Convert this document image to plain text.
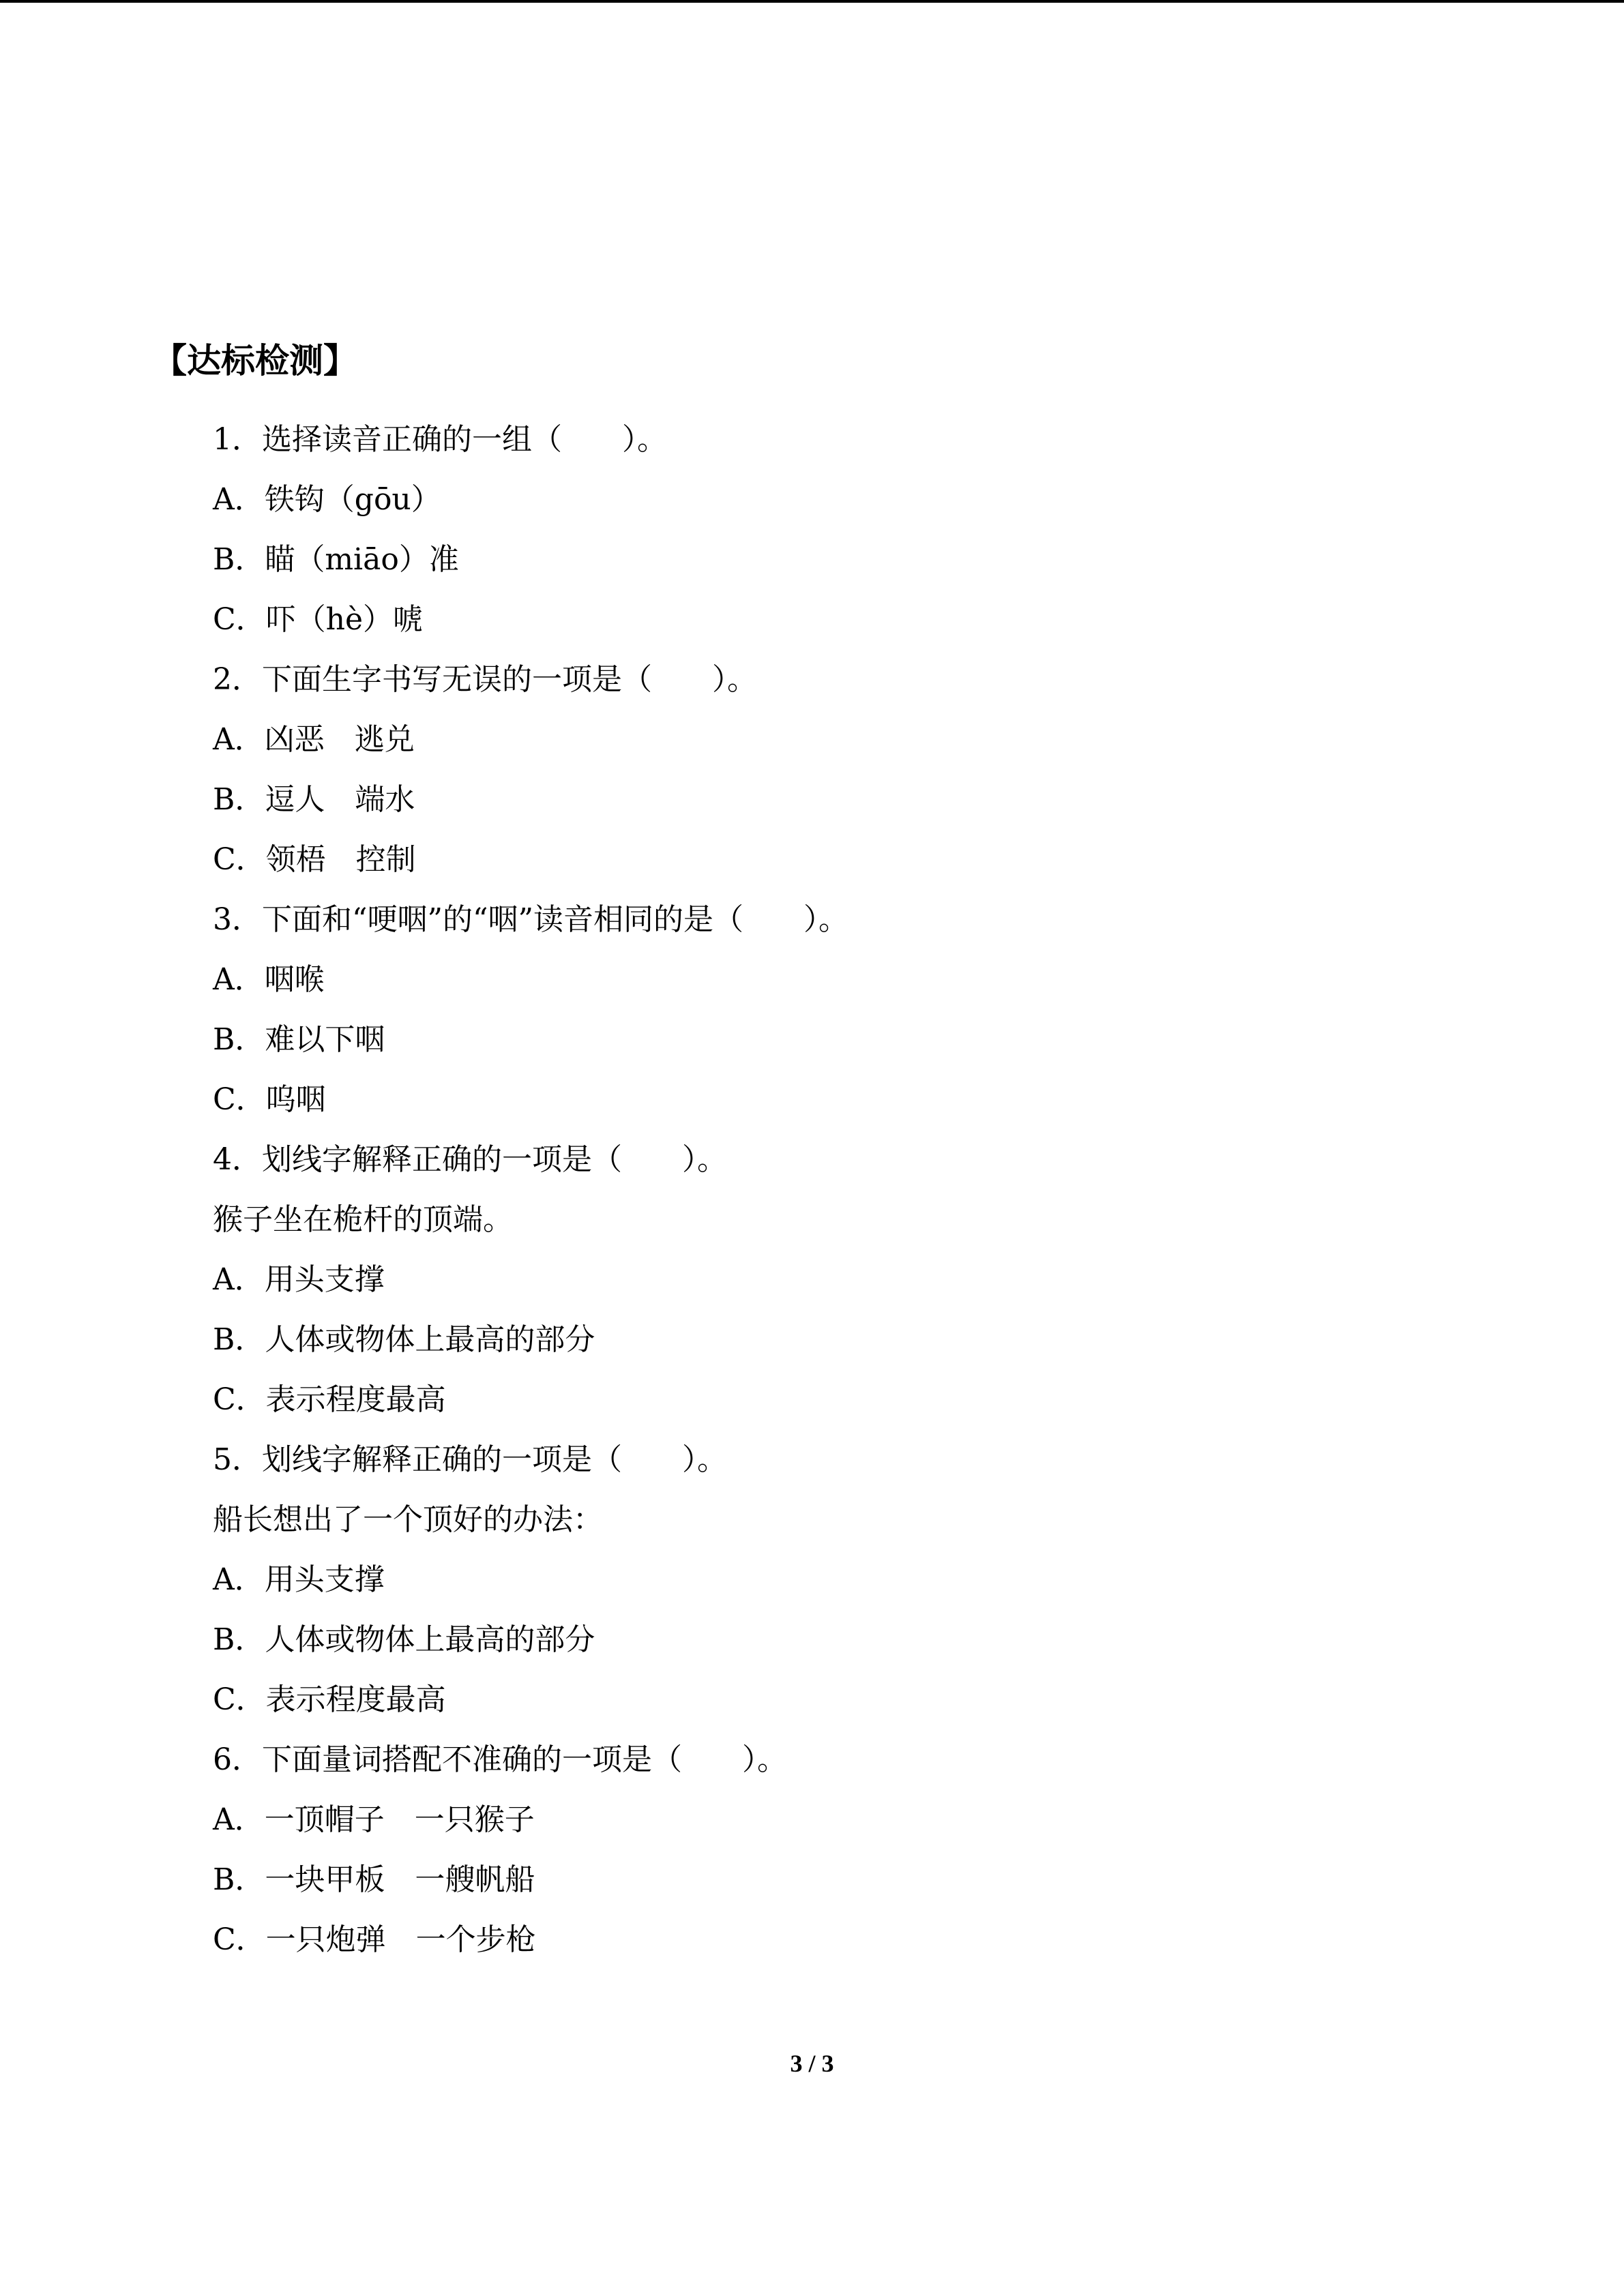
【达标检测】
1．选择读音正确的一组（　　）。
A．铁钩（gōu）
B．瞄（miāo）准
C．吓（hè）唬
2．下面生字书写无误的一项是（　　）。
A．凶恶　逃兑
B．逗人　端水
C．领梧　控制
3．下面和“哽咽”的“咽”读音相同的是（　　）。
A．咽喉
B．难以下咽
C．呜咽
4．划线字解释正确的一项是（　　）。
猴子坐在桅杆的顶端。
A．用头支撑
B．人体或物体上最高的部分
C．表示程度最高
5．划线字解释正确的一项是（　　）。
船长想出了一个顶好的办法：
A．用头支撑
B．人体或物体上最高的部分
C．表示程度最高
6．下面量词搭配不准确的一项是（　　）。
A．一顶帽子　一只猴子
B．一块甲板　一艘帆船
C．一只炮弹　一个步枪
3 / 3
